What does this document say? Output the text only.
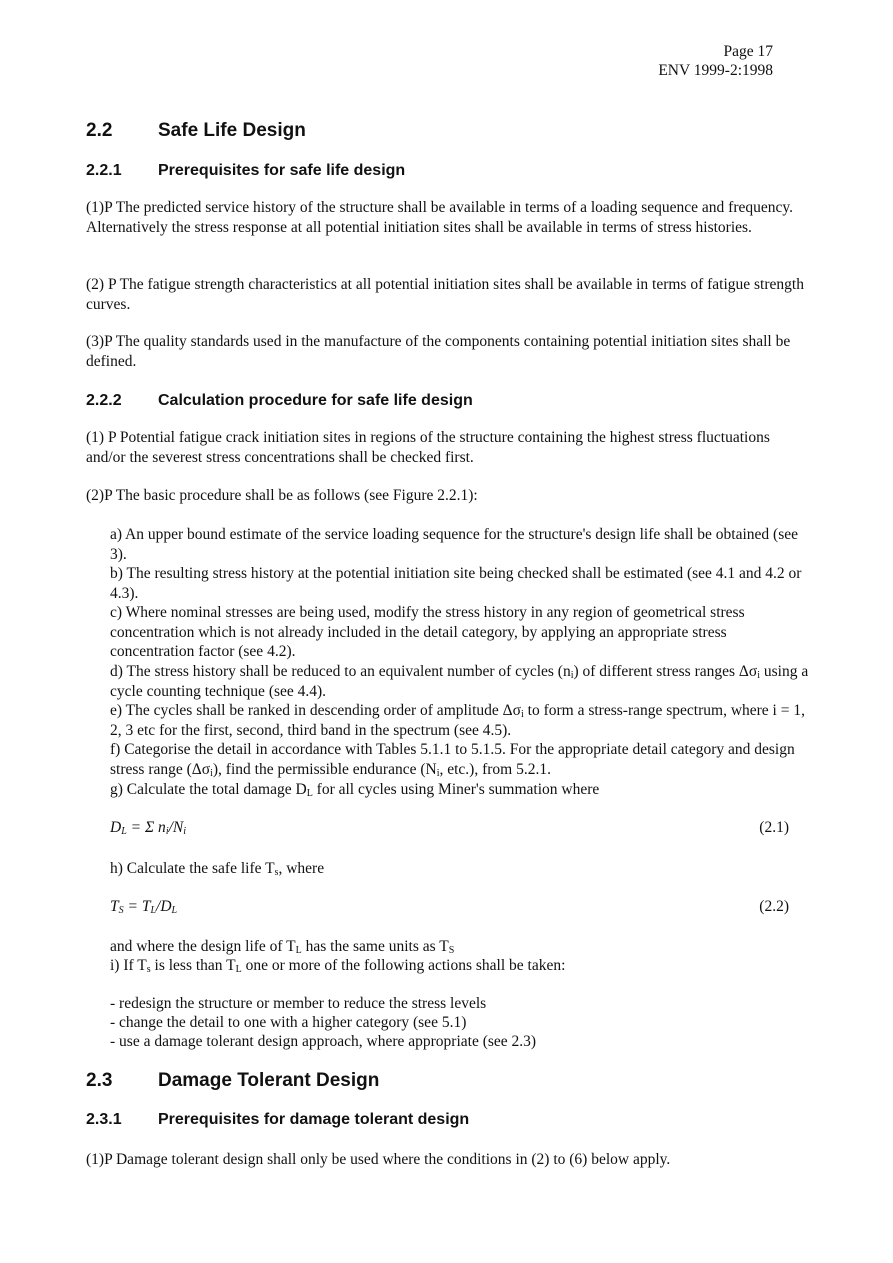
Page 17
ENV 1999-2:1998
2.2 Safe Life Design
2.2.1 Prerequisites for safe life design
(1)P The predicted service history of the structure shall be available in terms of a loading sequence and frequency. Alternatively the stress response at all potential initiation sites shall be available in terms of stress histories.
(2) P The fatigue strength characteristics at all potential initiation sites shall be available in terms of fatigue strength curves.
(3)P The quality standards used in the manufacture of the components containing potential initiation sites shall be defined.
2.2.2 Calculation procedure for safe life design
(1) P Potential fatigue crack initiation sites in regions of the structure containing the highest stress fluctuations and/or the severest stress concentrations shall be checked first.
(2)P The basic procedure shall be as follows (see Figure 2.2.1):
a) An upper bound estimate of the service loading sequence for the structure's design life shall be obtained (see 3).
b) The resulting stress history at the potential initiation site being checked shall be estimated (see 4.1 and 4.2 or 4.3).
c) Where nominal stresses are being used, modify the stress history in any region of geometrical stress concentration which is not already included in the detail category, by applying an appropriate stress concentration factor (see 4.2).
d) The stress history shall be reduced to an equivalent number of cycles $(n_i)$ of different stress ranges $\Delta\sigma_i$ using a cycle counting technique (see 4.4).
e) The cycles shall be ranked in descending order of amplitude $\Delta\sigma_i$ to form a stress-range spectrum, where i = 1, 2, 3 etc for the first, second, third band in the spectrum (see 4.5).
f) Categorise the detail in accordance with Tables 5.1.1 to 5.1.5. For the appropriate detail category and design stress range $(\Delta\sigma_i)$, find the permissible endurance ($N_i$, etc.), from 5.2.1.
g) Calculate the total damage $D_L$ for all cycles using Miner's summation where
$D_L = \Sigma$ $n_i/N_i$	(2.1)
h) Calculate the safe life $T_s$, where
$T_S = T_L/D_L$	(2.2)
and where the design life of $T_L$ has the same units as $T_S$
i) If $T_s$ is less than $T_L$ one or more of the following actions shall be taken:
- redesign the structure or member to reduce the stress levels
- change the detail to one with a higher category (see 5.1)
- use a damage tolerant design approach, where appropriate (see 2.3)
2.3 Damage Tolerant Design
2.3.1 Prerequisites for damage tolerant design
(1)P Damage tolerant design shall only be used where the conditions in (2) to (6) below apply.
